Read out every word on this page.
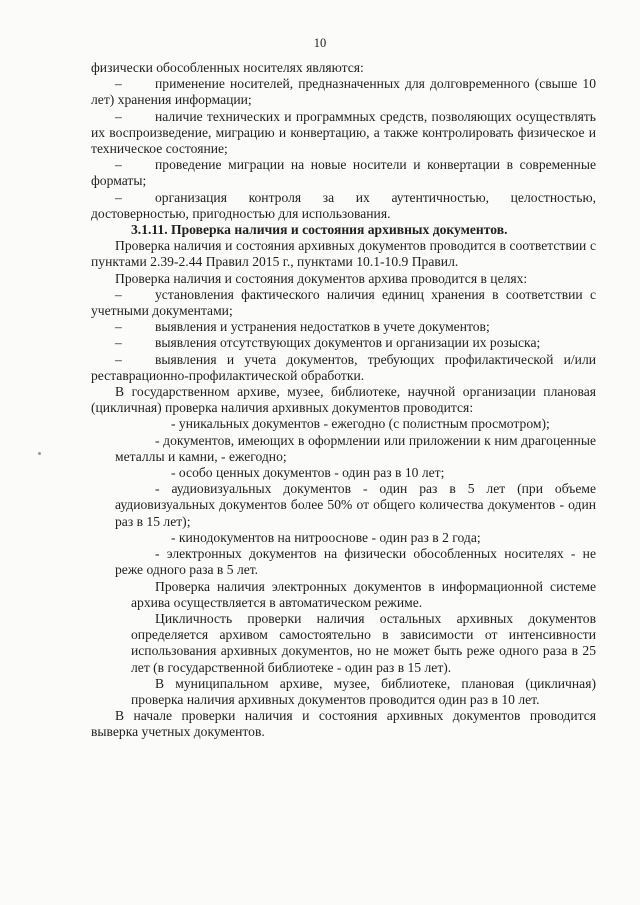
10

физически обособленных носителях являются:

– применение носителей, предназначенных для долговременного (свыше 10 лет) хранения информации;

– наличие технических и программных средств, позволяющих осуществлять их воспроизведение, миграцию и конвертацию, а также контролировать физическое и техническое состояние;

– проведение миграции на новые носители и конвертации в современные форматы;

– организация контроля за их аутентичностью, целостностью, достоверностью, пригодностью для использования.

3.1.11. Проверка наличия и состояния архивных документов.

Проверка наличия и состояния архивных документов проводится в соответствии с пунктами 2.39-2.44 Правил 2015 г., пунктами 10.1-10.9 Правил.

Проверка наличия и состояния документов архива проводится в целях:

– установления фактического наличия единиц хранения в соответствии с учетными документами;

– выявления и устранения недостатков в учете документов;

– выявления отсутствующих документов и организации их розыска;

– выявления и учета документов, требующих профилактической и/или реставрационно-профилактической обработки.

В государственном архиве, музее, библиотеке, научной организации плановая (цикличная) проверка наличия архивных документов проводится:

- уникальных документов - ежегодно (с полистным просмотром);

- документов, имеющих в оформлении или приложении к ним драгоценные металлы и камни, - ежегодно;

- особо ценных документов - один раз в 10 лет;

- аудиовизуальных документов - один раз в 5 лет (при объеме аудиовизуальных документов более 50% от общего количества документов - один раз в 15 лет);

- кинодокументов на нитрооснове - один раз в 2 года;

- электронных документов на физически обособленных носителях - не реже одного раза в 5 лет.

Проверка наличия электронных документов в информационной системе архива осуществляется в автоматическом режиме.

Цикличность проверки наличия остальных архивных документов определяется архивом самостоятельно в зависимости от интенсивности использования архивных документов, но не может быть реже одного раза в 25 лет (в государственной библиотеке - один раз в 15 лет).

В муниципальном архиве, музее, библиотеке, плановая (цикличная) проверка наличия архивных документов проводится один раз в 10 лет.

В начале проверки наличия и состояния архивных документов проводится выверка учетных документов.
